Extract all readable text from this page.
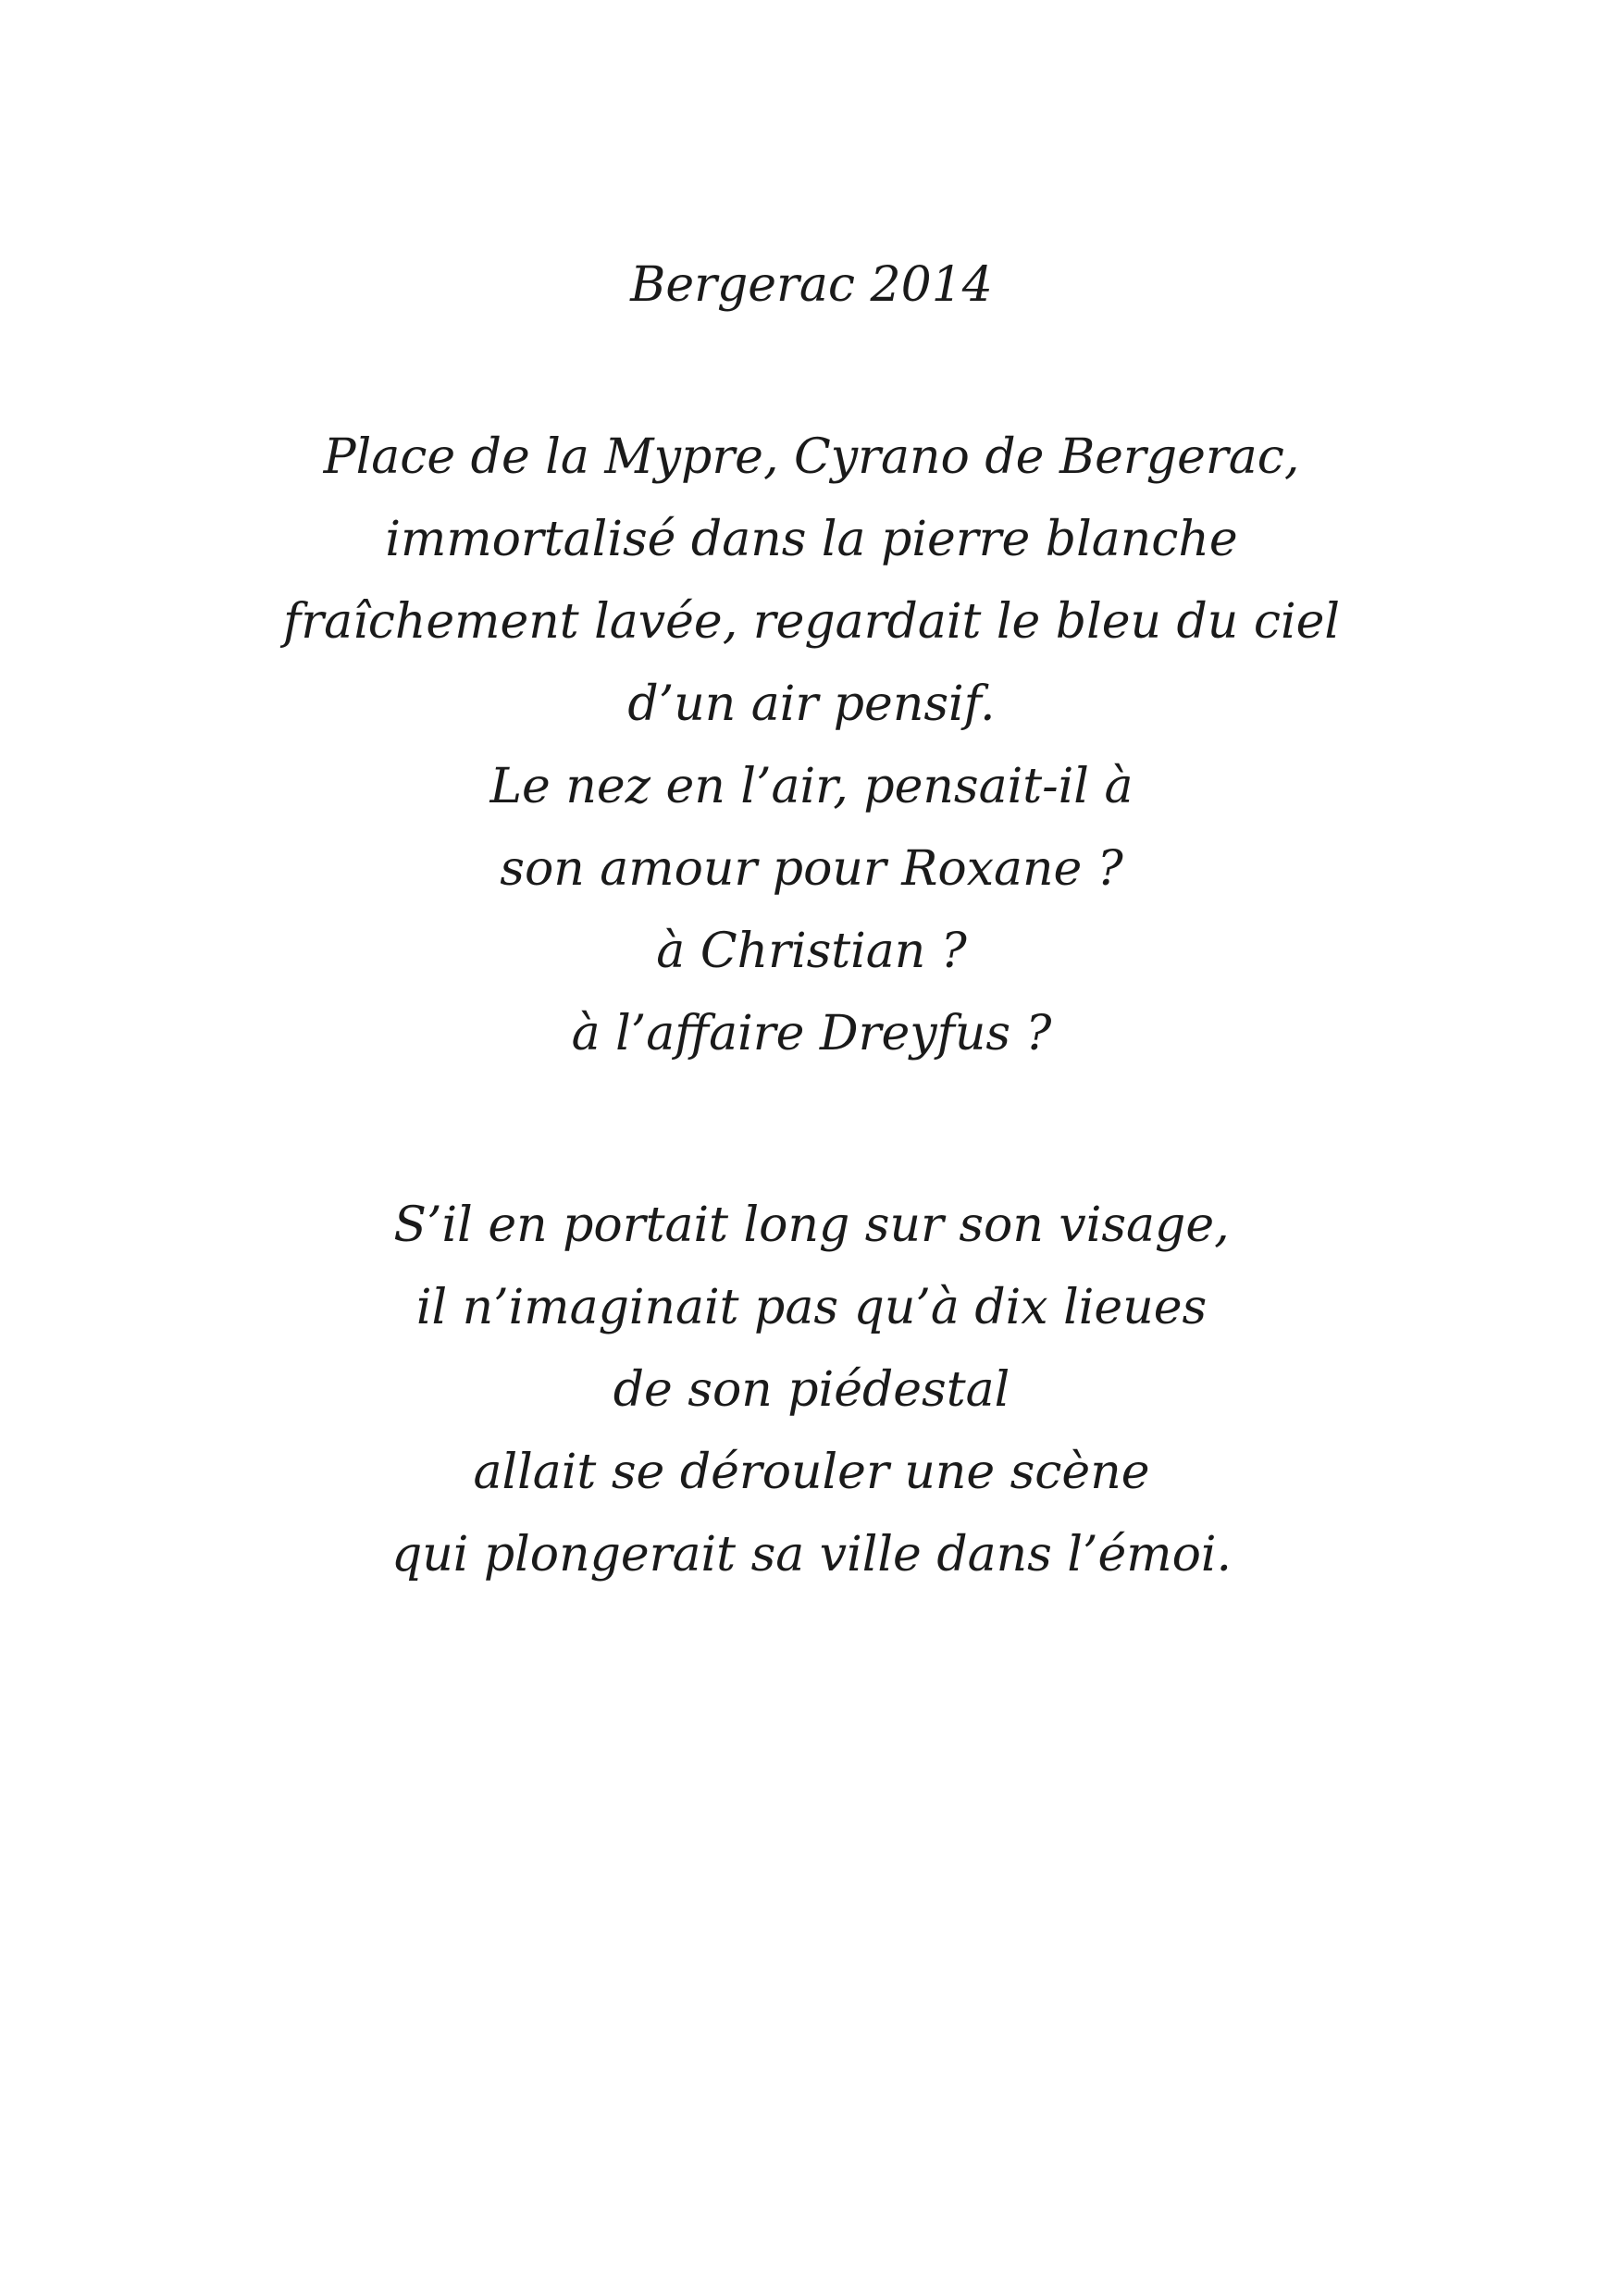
Bergerac 2014
Place de la Mypre, Cyrano de Bergerac,
immortalisé dans la pierre blanche
fraîchement lavée, regardait le bleu du ciel
d’un air pensif.
Le nez en l’air, pensait-il à
son amour pour Roxane ?
à Christian ?
à l’affaire Dreyfus ?
S’il en portait long sur son visage,
il n’imaginait pas qu’à dix lieues
de son piédestal
allait se dérouler une scène
qui plongerait sa ville dans l’émoi.
